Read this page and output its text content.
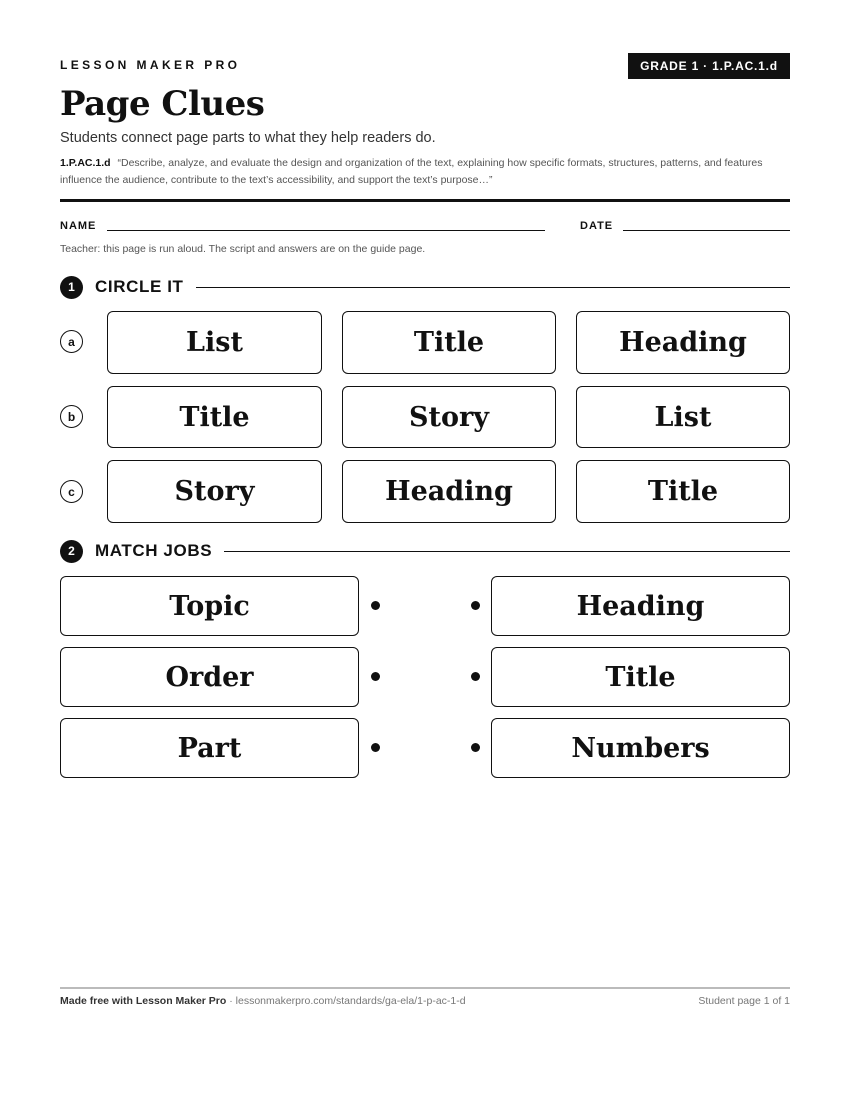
LESSON MAKER PRO	GRADE 1 · 1.P.AC.1.d
Page Clues
Students connect page parts to what they help readers do.
1.P.AC.1.d “Describe, analyze, and evaluate the design and organization of the text, explaining how specific formats, structures, patterns, and features influence the audience, contribute to the text’s accessibility, and support the text’s purpose…”
NAME	DATE
Teacher: this page is run aloud. The script and answers are on the guide page.
1	CIRCLE IT
a	List	Title	Heading
b	Title	Story	List
c	Story	Heading	Title
2	MATCH JOBS
Topic	Heading
Order	Title
Part	Numbers
Made free with Lesson Maker Pro · lessonmakerpro.com/standards/ga-ela/1-p-ac-1-d	Student page 1 of 1
